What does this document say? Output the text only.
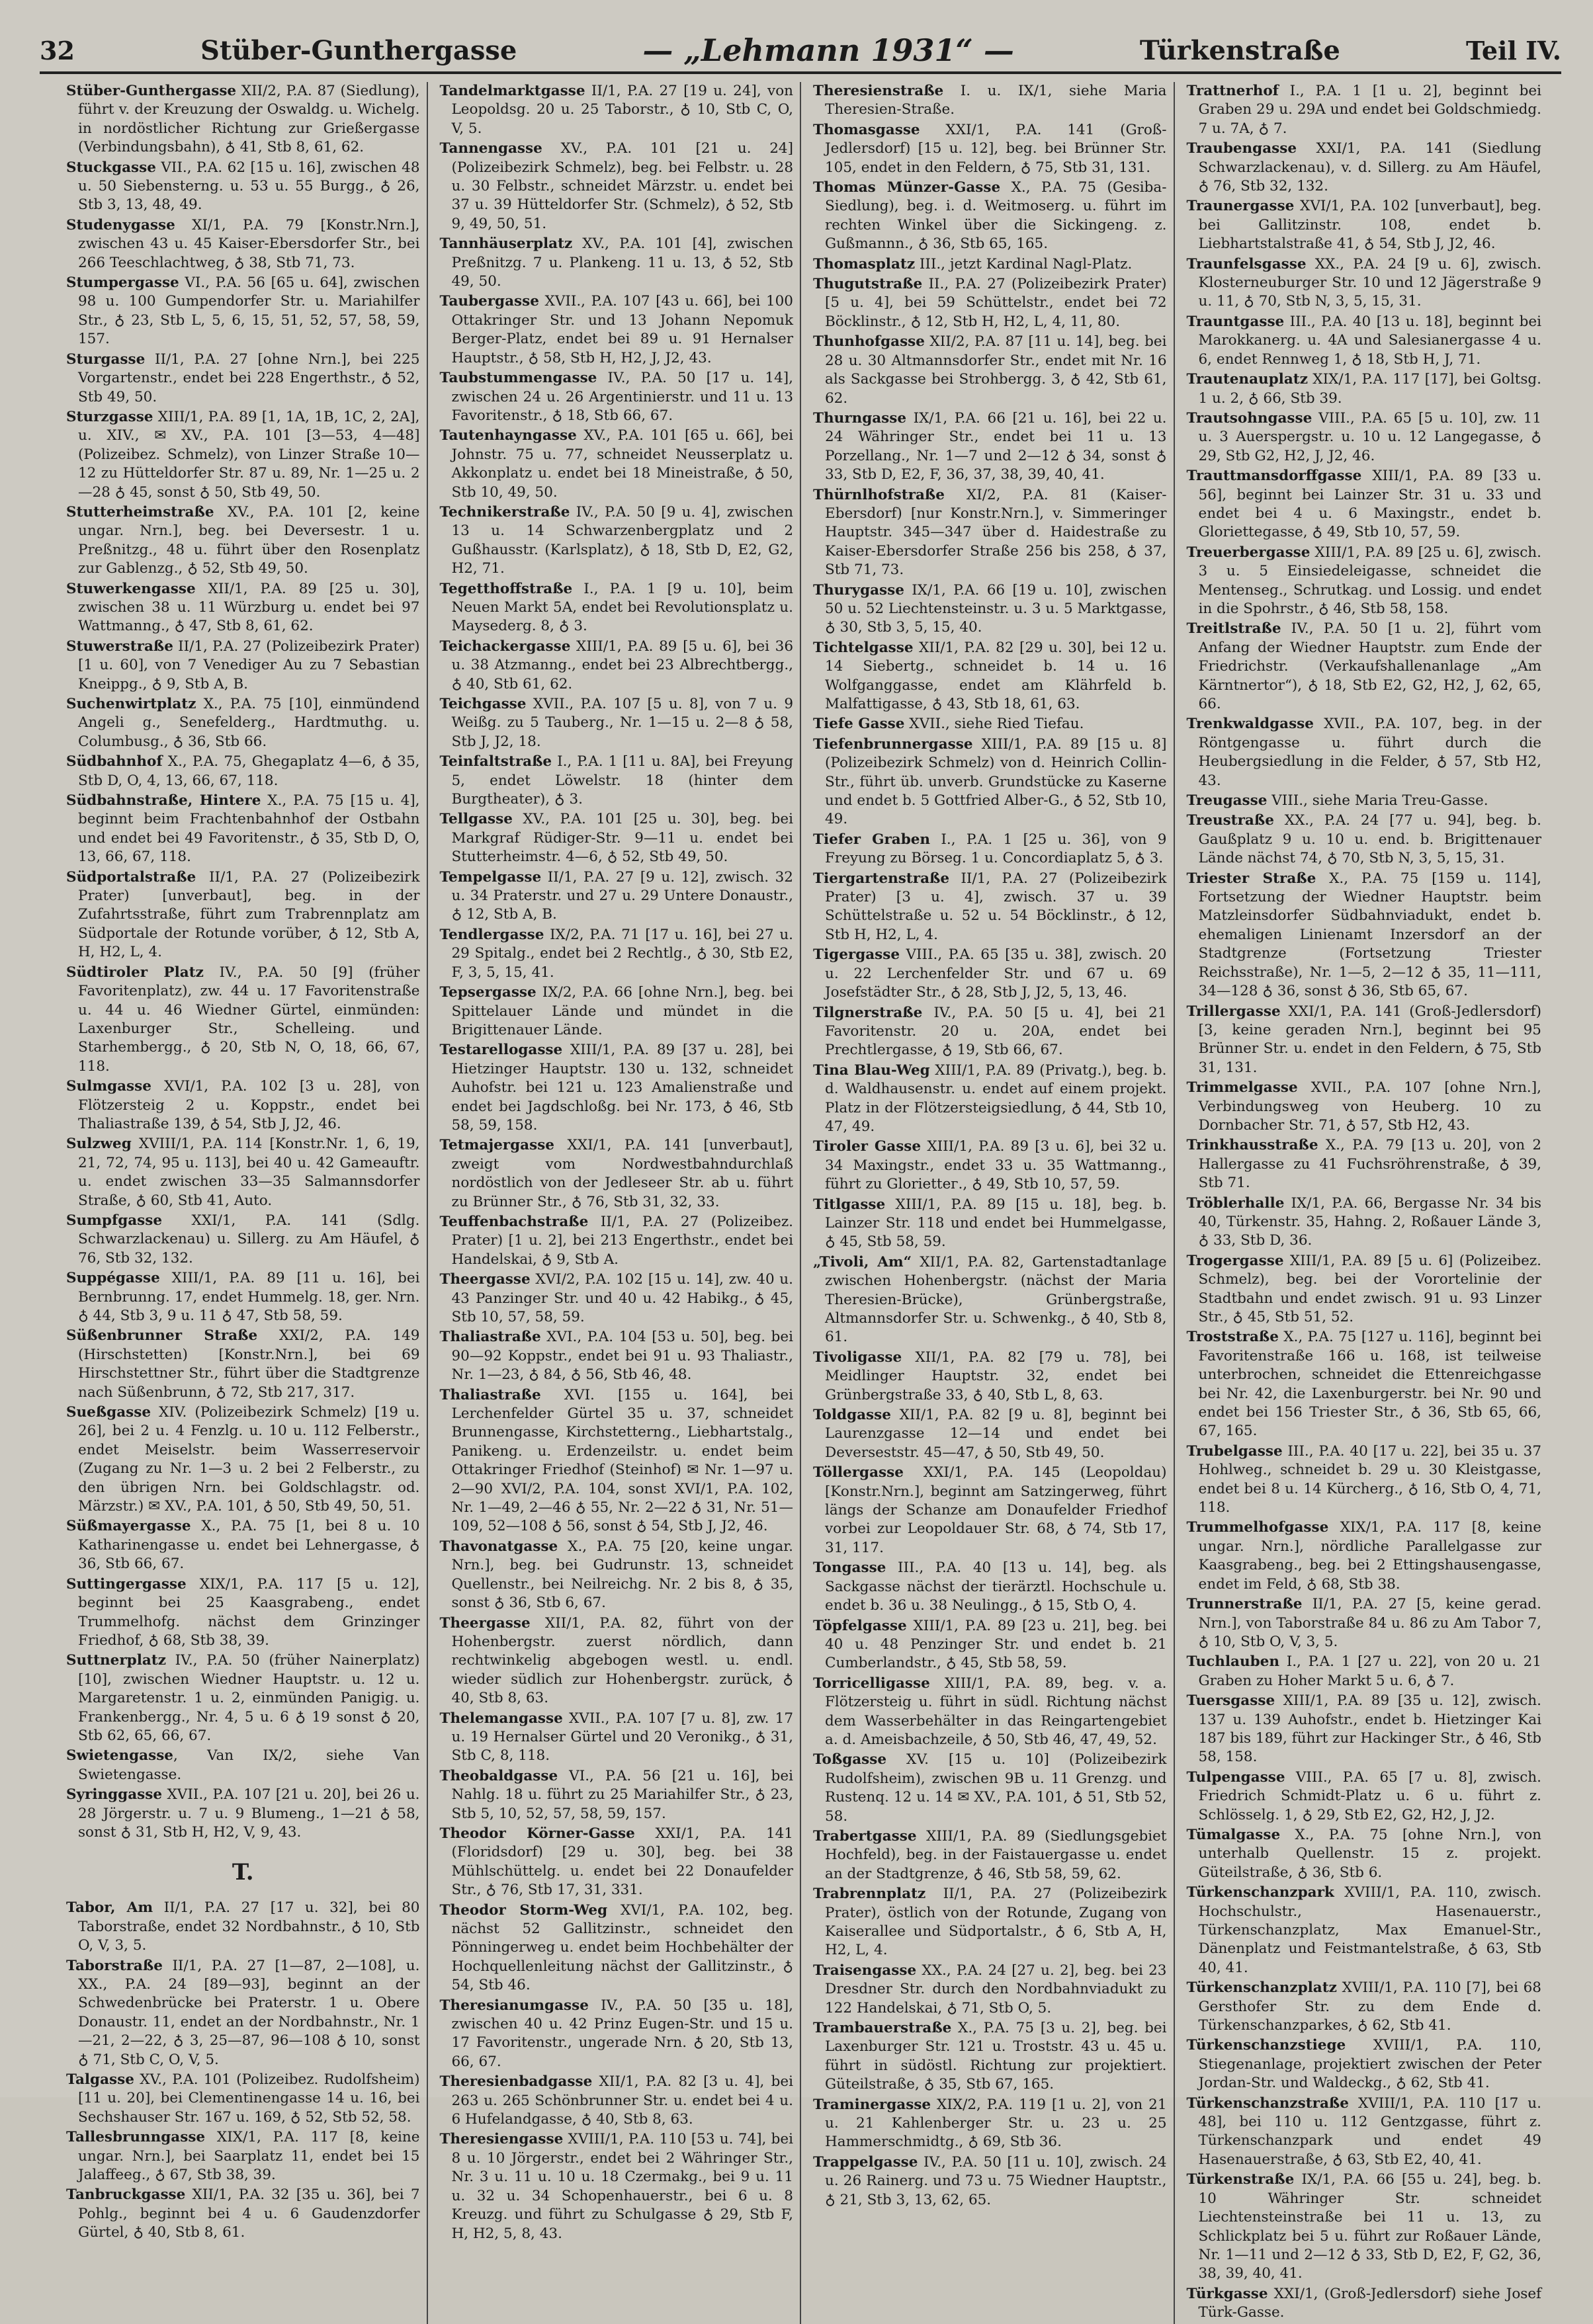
32	Stüber-Gunthergasse	— „Lehmann 1931“ —	Türkenstraße	Teil IV.

Stüber-Gunthergasse XII/2, P.A. 87 (Siedlung), führt v. der Kreuzung der Oswaldg. u. Wichelg. in nordöstlicher Richtung zur Grießergasse (Verbindungsbahn), ♁ 41, Stb 8, 61, 62.

Stuckgasse VII., P.A. 62 [15 u. 16], zwischen 48 u. 50 Siebensterng. u. 53 u. 55 Burgg., ♁ 26, Stb 3, 13, 48, 49.

Studenygasse XI/1, P.A. 79 [Konstr.Nrn.], zwischen 43 u. 45 Kaiser-Ebersdorfer Str., bei 266 Teeschlachtweg, ♁ 38, Stb 71, 73.

Stumpergasse VI., P.A. 56 [65 u. 64], zwischen 98 u. 100 Gumpendorfer Str. u. Mariahilfer Str., ♁ 23, Stb L, 5, 6, 15, 51, 52, 57, 58, 59, 157.

Sturgasse II/1, P.A. 27 [ohne Nrn.], bei 225 Vorgartenstr., endet bei 228 Engerthstr., ♁ 52, Stb 49, 50.

Sturzgasse XIII/1, P.A. 89 [1, 1A, 1B, 1C, 2, 2A], u. XIV., ✉ XV., P.A. 101 [3—53, 4—48] (Polizeibez. Schmelz), von Linzer Straße 10—12 zu Hütteldorfer Str. 87 u. 89, Nr. 1—25 u. 2—28 ♁ 45, sonst ♁ 50, Stb 49, 50.

Stutterheimstraße XV., P.A. 101 [2, keine ungar. Nrn.], beg. bei Deversestr. 1 u. Preßnitzg., 48 u. führt über den Rosenplatz zur Gablenzg., ♁ 52, Stb 49, 50.

Stuwerkengasse XII/1, P.A. 89 [25 u. 30], zwischen 38 u. 11 Würzburg u. endet bei 97 Wattmanng., ♁ 47, Stb 8, 61, 62.

Stuwerstraße II/1, P.A. 27 (Polizeibezirk Prater) [1 u. 60], von 7 Venediger Au zu 7 Sebastian Kneippg., ♁ 9, Stb A, B.

Suchenwirtplatz X., P.A. 75 [10], einmündend Angeli g., Senefelderg., Hardtmuthg. u. Columbusg., ♁ 36, Stb 66.

Südbahnhof X., P.A. 75, Ghegaplatz 4—6, ♁ 35, Stb D, O, 4, 13, 66, 67, 118.

Südbahnstraße, Hintere X., P.A. 75 [15 u. 4], beginnt beim Frachtenbahnhof der Ostbahn und endet bei 49 Favoritenstr., ♁ 35, Stb D, O, 13, 66, 67, 118.

Südportalstraße II/1, P.A. 27 (Polizeibezirk Prater) [unverbaut], beg. in der Zufahrtsstraße, führt zum Trabrennplatz am Südportale der Rotunde vorüber, ♁ 12, Stb A, H, H2, L, 4.

Südtiroler Platz IV., P.A. 50 [9] (früher Favoritenplatz), zw. 44 u. 17 Favoritenstraße u. 44 u. 46 Wiedner Gürtel, einmünden: Laxenburger Str., Schelleing. und Starhembergg., ♁ 20, Stb N, O, 18, 66, 67, 118.

Sulmgasse XVI/1, P.A. 102 [3 u. 28], von Flötzersteig 2 u. Koppstr., endet bei Thaliastraße 139, ♁ 54, Stb J, J2, 46.

Sulzweg XVIII/1, P.A. 114 [Konstr.Nr. 1, 6, 19, 21, 72, 74, 95 u. 113], bei 40 u. 42 Gameauftr. u. endet zwischen 33—35 Salmannsdorfer Straße, ♁ 60, Stb 41, Auto.

Sumpfgasse XXI/1, P.A. 141 (Sdlg. Schwarzlackenau) u. Sillerg. zu Am Häufel, ♁ 76, Stb 32, 132.

Suppégasse XIII/1, P.A. 89 [11 u. 16], bei Bernbrunng. 17, endet Hummelg. 18, ger. Nrn. ♁ 44, Stb 3, 9 u. 11 ♁ 47, Stb 58, 59.

Süßenbrunner Straße XXI/2, P.A. 149 (Hirschstetten) [Konstr.Nrn.], bei 69 Hirschstettner Str., führt über die Stadtgrenze nach Süßenbrunn, ♁ 72, Stb 217, 317.

Sueßgasse XIV. (Polizeibezirk Schmelz) [19 u. 26], bei 2 u. 4 Fenzlg. u. 10 u. 112 Felberstr., endet Meiselstr. beim Wasserreservoir (Zugang zu Nr. 1—3 u. 2 bei 2 Felberstr., zu den übrigen Nrn. bei Goldschlagstr. od. Märzstr.) ✉ XV., P.A. 101, ♁ 50, Stb 49, 50, 51.

Süßmayergasse X., P.A. 75 [1, bei 8 u. 10 Katharinengasse u. endet bei Lehnergasse, ♁ 36, Stb 66, 67.

Suttingergasse XIX/1, P.A. 117 [5 u. 12], beginnt bei 25 Kaasgrabeng., endet Trummelhofg. nächst dem Grinzinger Friedhof, ♁ 68, Stb 38, 39.

Suttnerplatz IV., P.A. 50 (früher Nainerplatz) [10], zwischen Wiedner Hauptstr. u. 12 u. Margaretenstr. 1 u. 2, einmünden Panigig. u. Frankenbergg., Nr. 4, 5 u. 6 ♁ 19 sonst ♁ 20, Stb 62, 65, 66, 67.

Swietengasse, Van IX/2, siehe Van Swietengasse.

Syringgasse XVII., P.A. 107 [21 u. 20], bei 26 u. 28 Jörgerstr. u. 7 u. 9 Blumeng., 1—21 ♁ 58, sonst ♁ 31, Stb H, H2, V, 9, 43.

T.

Tabor, Am II/1, P.A. 27 [17 u. 32], bei 80 Taborstraße, endet 32 Nordbahnstr., ♁ 10, Stb O, V, 3, 5.

Taborstraße II/1, P.A. 27 [1—87, 2—108], u. XX., P.A. 24 [89—93], beginnt an der Schwedenbrücke bei Praterstr. 1 u. Obere Donaustr. 11, endet an der Nordbahnstr., Nr. 1—21, 2—22, ♁ 3, 25—87, 96—108 ♁ 10, sonst ♁ 71, Stb C, O, V, 5.

Talgasse XV., P.A. 101 (Polizeibez. Rudolfsheim) [11 u. 20], bei Clementinengasse 14 u. 16, bei Sechshauser Str. 167 u. 169, ♁ 52, Stb 52, 58.

Tallesbrunngasse XIX/1, P.A. 117 [8, keine ungar. Nrn.], bei Saarplatz 11, endet bei 15 Jalaffeeg., ♁ 67, Stb 38, 39.

Tanbruckgasse XII/1, P.A. 32 [35 u. 36], bei 7 Pohlg., beginnt bei 4 u. 6 Gaudenzdorfer Gürtel, ♁ 40, Stb 8, 61.

Tandelmarktgasse II/1, P.A. 27 [19 u. 24], von Leopoldsg. 20 u. 25 Taborstr., ♁ 10, Stb C, O, V, 5.

Tannengasse XV., P.A. 101 [21 u. 24] (Polizeibezirk Schmelz), beg. bei Felbstr. u. 28 u. 30 Felbstr., schneidet Märzstr. u. endet bei 37 u. 39 Hütteldorfer Str. (Schmelz), ♁ 52, Stb 9, 49, 50, 51.

Tannhäuserplatz XV., P.A. 101 [4], zwischen Preßnitzg. 7 u. Plankeng. 11 u. 13, ♁ 52, Stb 49, 50.

Taubergasse XVII., P.A. 107 [43 u. 66], bei 100 Ottakringer Str. und 13 Johann Nepomuk Berger-Platz, endet bei 89 u. 91 Hernalser Hauptstr., ♁ 58, Stb H, H2, J, J2, 43.

Taubstummengasse IV., P.A. 50 [17 u. 14], zwischen 24 u. 26 Argentinierstr. und 11 u. 13 Favoritenstr., ♁ 18, Stb 66, 67.

Tautenhayngasse XV., P.A. 101 [65 u. 66], bei Johnstr. 75 u. 77, schneidet Neusserplatz u. Akkonplatz u. endet bei 18 Mineistraße, ♁ 50, Stb 10, 49, 50.

Technikerstraße IV., P.A. 50 [9 u. 4], zwischen 13 u. 14 Schwarzenbergplatz und 2 Gußhausstr. (Karlsplatz), ♁ 18, Stb D, E2, G2, H2, 71.

Tegetthoffstraße I., P.A. 1 [9 u. 10], beim Neuen Markt 5A, endet bei Revolutionsplatz u. Maysederg. 8, ♁ 3.

Teichackergasse XIII/1, P.A. 89 [5 u. 6], bei 36 u. 38 Atzmanng., endet bei 23 Albrechtbergg., ♁ 40, Stb 61, 62.

Teichgasse XVII., P.A. 107 [5 u. 8], von 7 u. 9 Weißg. zu 5 Tauberg., Nr. 1—15 u. 2—8 ♁ 58, Stb J, J2, 18.

Teinfaltstraße I., P.A. 1 [11 u. 8A], bei Freyung 5, endet Löwelstr. 18 (hinter dem Burgtheater), ♁ 3.

Tellgasse XV., P.A. 101 [25 u. 30], beg. bei Markgraf Rüdiger-Str. 9—11 u. endet bei Stutterheimstr. 4—6, ♁ 52, Stb 49, 50.

Tempelgasse II/1, P.A. 27 [9 u. 12], zwisch. 32 u. 34 Praterstr. und 27 u. 29 Untere Donaustr., ♁ 12, Stb A, B.

Tendlergasse IX/2, P.A. 71 [17 u. 16], bei 27 u. 29 Spitalg., endet bei 2 Rechtlg., ♁ 30, Stb E2, F, 3, 5, 15, 41.

Tepsergasse IX/2, P.A. 66 [ohne Nrn.], beg. bei Spittelauer Lände und mündet in die Brigittenauer Lände.

Testarellogasse XIII/1, P.A. 89 [37 u. 28], bei Hietzinger Hauptstr. 130 u. 132, schneidet Auhofstr. bei 121 u. 123 Amalienstraße und endet bei Jagdschloßg. bei Nr. 173, ♁ 46, Stb 58, 59, 158.

Tetmajergasse XXI/1, P.A. 141 [unverbaut], zweigt vom Nordwestbahndurchlaß nordöstlich von der Jedleseer Str. ab u. führt zu Brünner Str., ♁ 76, Stb 31, 32, 33.

Teuffenbachstraße II/1, P.A. 27 (Polizeibez. Prater) [1 u. 2], bei 213 Engerthstr., endet bei Handelskai, ♁ 9, Stb A.

Theergasse XVI/2, P.A. 102 [15 u. 14], zw. 40 u. 43 Panzinger Str. und 40 u. 42 Habikg., ♁ 45, Stb 10, 57, 58, 59.

Thaliastraße XVI., P.A. 104 [53 u. 50], beg. bei 90—92 Koppstr., endet bei 91 u. 93 Thaliastr., Nr. 1—23, ♁ 84, ♁ 56, Stb 46, 48.

Thaliastraße XVI. [155 u. 164], bei Lerchenfelder Gürtel 35 u. 37, schneidet Brunnengasse, Kirchstetterng., Liebhartstalg., Panikeng. u. Erdenzeilstr. u. endet beim Ottakringer Friedhof (Steinhof) ✉ Nr. 1—97 u. 2—90 XVI/2, P.A. 104, sonst XVI/1, P.A. 102, Nr. 1—49, 2—46 ♁ 55, Nr. 2—22 ♁ 31, Nr. 51—109, 52—108 ♁ 56, sonst ♁ 54, Stb J, J2, 46.

Thavonatgasse X., P.A. 75 [20, keine ungar. Nrn.], beg. bei Gudrunstr. 13, schneidet Quellenstr., bei Neilreichg. Nr. 2 bis 8, ♁ 35, sonst ♁ 36, Stb 6, 67.

Theergasse XII/1, P.A. 82, führt von der Hohenbergstr. zuerst nördlich, dann rechtwinkelig abgebogen westl. u. endl. wieder südlich zur Hohenbergstr. zurück, ♁ 40, Stb 8, 63.

Thelemangasse XVII., P.A. 107 [7 u. 8], zw. 17 u. 19 Hernalser Gürtel und 20 Veronikg., ♁ 31, Stb C, 8, 118.

Theobaldgasse VI., P.A. 56 [21 u. 16], bei Nahlg. 18 u. führt zu 25 Mariahilfer Str., ♁ 23, Stb 5, 10, 52, 57, 58, 59, 157.

Theodor Körner-Gasse XXI/1, P.A. 141 (Floridsdorf) [29 u. 30], beg. bei 38 Mühlschüttelg. u. endet bei 22 Donaufelder Str., ♁ 76, Stb 17, 31, 331.

Theodor Storm-Weg XVI/1, P.A. 102, beg. nächst 52 Gallitzinstr., schneidet den Pönningerweg u. endet beim Hochbehälter der Hochquellenleitung nächst der Gallitzinstr., ♁ 54, Stb 46.

Theresianumgasse IV., P.A. 50 [35 u. 18], zwischen 40 u. 42 Prinz Eugen-Str. und 15 u. 17 Favoritenstr., ungerade Nrn. ♁ 20, Stb 13, 66, 67.

Theresienbadgasse XII/1, P.A. 82 [3 u. 4], bei 263 u. 265 Schönbrunner Str. u. endet bei 4 u. 6 Hufelandgasse, ♁ 40, Stb 8, 63.

Theresiengasse XVIII/1, P.A. 110 [53 u. 74], bei 8 u. 10 Jörgerstr., endet bei 2 Währinger Str., Nr. 3 u. 11 u. 10 u. 18 Czermakg., bei 9 u. 11 u. 32 u. 34 Schopenhauerstr., bei 6 u. 8 Kreuzg. und führt zu Schulgasse ♁ 29, Stb F, H, H2, 5, 8, 43.

Theresienstraße I. u. IX/1, siehe Maria Theresien-Straße.

Thomasgasse XXI/1, P.A. 141 (Groß-Jedlersdorf) [15 u. 12], beg. bei Brünner Str. 105, endet in den Feldern, ♁ 75, Stb 31, 131.

Thomas Münzer-Gasse X., P.A. 75 (Gesiba-Siedlung), beg. i. d. Weitmoserg. u. führt im rechten Winkel über die Sickingeng. z. Gußmannn., ♁ 36, Stb 65, 165.

Thomasplatz III., jetzt Kardinal Nagl-Platz.

Thugutstraße II., P.A. 27 (Polizeibezirk Prater) [5 u. 4], bei 59 Schüttelstr., endet bei 72 Böcklinstr., ♁ 12, Stb H, H2, L, 4, 11, 80.

Thunhofgasse XII/2, P.A. 87 [11 u. 14], beg. bei 28 u. 30 Altmannsdorfer Str., endet mit Nr. 16 als Sackgasse bei Strohbergg. 3, ♁ 42, Stb 61, 62.

Thurngasse IX/1, P.A. 66 [21 u. 16], bei 22 u. 24 Währinger Str., endet bei 11 u. 13 Porzellang., Nr. 1—7 und 2—12 ♁ 34, sonst ♁ 33, Stb D, E2, F, 36, 37, 38, 39, 40, 41.

Thürnlhofstraße XI/2, P.A. 81 (Kaiser-Ebersdorf) [nur Konstr.Nrn.], v. Simmeringer Hauptstr. 345—347 über d. Haidestraße zu Kaiser-Ebersdorfer Straße 256 bis 258, ♁ 37, Stb 71, 73.

Thurygasse IX/1, P.A. 66 [19 u. 10], zwischen 50 u. 52 Liechtensteinstr. u. 3 u. 5 Marktgasse, ♁ 30, Stb 3, 5, 15, 40.

Tichtelgasse XII/1, P.A. 82 [29 u. 30], bei 12 u. 14 Siebertg., schneidet b. 14 u. 16 Wolfganggasse, endet am Klährfeld b. Malfattigasse, ♁ 43, Stb 18, 61, 63.

Tiefe Gasse XVII., siehe Ried Tiefau.

Tiefenbrunnergasse XIII/1, P.A. 89 [15 u. 8] (Polizeibezirk Schmelz) von d. Heinrich Collin-Str., führt üb. unverb. Grundstücke zu Kaserne und endet b. 5 Gottfried Alber-G., ♁ 52, Stb 10, 49.

Tiefer Graben I., P.A. 1 [25 u. 36], von 9 Freyung zu Börseg. 1 u. Concordiaplatz 5, ♁ 3.

Tiergartenstraße II/1, P.A. 27 (Polizeibezirk Prater) [3 u. 4], zwisch. 37 u. 39 Schüttelstraße u. 52 u. 54 Böcklinstr., ♁ 12, Stb H, H2, L, 4.

Tigergasse VIII., P.A. 65 [35 u. 38], zwisch. 20 u. 22 Lerchenfelder Str. und 67 u. 69 Josefstädter Str., ♁ 28, Stb J, J2, 5, 13, 46.

Tilgnerstraße IV., P.A. 50 [5 u. 4], bei 21 Favoritenstr. 20 u. 20A, endet bei Prechtlergasse, ♁ 19, Stb 66, 67.

Tina Blau-Weg XIII/1, P.A. 89 (Privatg.), beg. b. d. Waldhausenstr. u. endet auf einem projekt. Platz in der Flötzersteigsiedlung, ♁ 44, Stb 10, 47, 49.

Tiroler Gasse XIII/1, P.A. 89 [3 u. 6], bei 32 u. 34 Maxingstr., endet 33 u. 35 Wattmanng., führt zu Gloriettег., ♁ 49, Stb 10, 57, 59.

Titlgasse XIII/1, P.A. 89 [15 u. 18], beg. b. Lainzer Str. 118 und endet bei Hummelgasse, ♁ 45, Stb 58, 59.

„Tivoli, Am“ XII/1, P.A. 82, Gartenstadtanlage zwischen Hohenbergstr. (nächst der Maria Theresien-Brücke), Grünbergstraße, Altmannsdorfer Str. u. Schwenkg., ♁ 40, Stb 8, 61.

Tivoligasse XII/1, P.A. 82 [79 u. 78], bei Meidlinger Hauptstr. 32, endet bei Grünbergstraße 33, ♁ 40, Stb L, 8, 63.

Toldgasse XII/1, P.A. 82 [9 u. 8], beginnt bei Laurenzgasse 12—14 und endet bei Deverseststr. 45—47, ♁ 50, Stb 49, 50.

Töllergasse XXI/1, P.A. 145 (Leopoldau) [Konstr.Nrn.], beginnt am Satzingerweg, führt längs der Schanze am Donaufelder Friedhof vorbei zur Leopoldauer Str. 68, ♁ 74, Stb 17, 31, 117.

Tongasse III., P.A. 40 [13 u. 14], beg. als Sackgasse nächst der tierärztl. Hochschule u. endet b. 36 u. 38 Neulingg., ♁ 15, Stb O, 4.

Töpfelgasse XIII/1, P.A. 89 [23 u. 21], beg. bei 40 u. 48 Penzinger Str. und endet b. 21 Cumberlandstr., ♁ 45, Stb 58, 59.

Torricelligasse XIII/1, P.A. 89, beg. v. a. Flötzersteig u. führt in südl. Richtung nächst dem Wasserbehälter in das Reingartengebiet a. d. Ameisbachzeile, ♁ 50, Stb 46, 47, 49, 52.

Toßgasse XV. [15 u. 10] (Polizeibezirk Rudolfsheim), zwischen 9B u. 11 Grenzg. und Rustenq. 12 u. 14 ✉ XV., P.A. 101, ♁ 51, Stb 52, 58.

Trabertgasse XIII/1, P.A. 89 (Siedlungsgebiet Hochfeld), beg. in der Faistauergasse u. endet an der Stadtgrenze, ♁ 46, Stb 58, 59, 62.

Trabrennplatz II/1, P.A. 27 (Polizeibezirk Prater), östlich von der Rotunde, Zugang von Kaiserallee und Südportalstr., ♁ 6, Stb A, H, H2, L, 4.

Traisengasse XX., P.A. 24 [27 u. 2], beg. bei 23 Dresdner Str. durch den Nordbahnviadukt zu 122 Handelskai, ♁ 71, Stb O, 5.

Trambauerstraße X., P.A. 75 [3 u. 2], beg. bei Laxenburger Str. 121 u. Troststr. 43 u. 45 u. führt in südöstl. Richtung zur projektiert. Güteilstraße, ♁ 35, Stb 67, 165.

Traminergasse XIX/2, P.A. 119 [1 u. 2], von 21 u. 21 Kahlenberger Str. u. 23 u. 25 Hammerschmidtg., ♁ 69, Stb 36.

Trappelgasse IV., P.A. 50 [11 u. 10], zwisch. 24 u. 26 Rainerg. und 73 u. 75 Wiedner Hauptstr., ♁ 21, Stb 3, 13, 62, 65.

Trattnerhof I., P.A. 1 [1 u. 2], beginnt bei Graben 29 u. 29A und endet bei Goldschmiedg. 7 u. 7A, ♁ 7.

Traubengasse XXI/1, P.A. 141 (Siedlung Schwarzlackenau), v. d. Sillerg. zu Am Häufel, ♁ 76, Stb 32, 132.

Traunergasse XVI/1, P.A. 102 [unverbaut], beg. bei Gallitzinstr. 108, endet b. Liebhartstalstraße 41, ♁ 54, Stb J, J2, 46.

Traunfelsgasse XX., P.A. 24 [9 u. 6], zwisch. Klosterneuburger Str. 10 und 12 Jägerstraße 9 u. 11, ♁ 70, Stb N, 3, 5, 15, 31.

Trauntgasse III., P.A. 40 [13 u. 18], beginnt bei Marokkanerg. u. 4A und Salesianergasse 4 u. 6, endet Rennweg 1, ♁ 18, Stb H, J, 71.

Trautenauplatz XIX/1, P.A. 117 [17], bei Goltsg. 1 u. 2, ♁ 66, Stb 39.

Trautsohngasse VIII., P.A. 65 [5 u. 10], zw. 11 u. 3 Auerspergstr. u. 10 u. 12 Langegasse, ♁ 29, Stb G2, H2, J, J2, 46.

Trauttmansdorffgasse XIII/1, P.A. 89 [33 u. 56], beginnt bei Lainzer Str. 31 u. 33 und endet bei 4 u. 6 Maxingstr., endet b. Gloriettegasse, ♁ 49, Stb 10, 57, 59.

Treuerbergasse XIII/1, P.A. 89 [25 u. 6], zwisch. 3 u. 5 Einsiedeleigasse, schneidet die Mentenseg., Schrutkag. und Lossig. und endet in die Spohrstr., ♁ 46, Stb 58, 158.

Treitlstraße IV., P.A. 50 [1 u. 2], führt vom Anfang der Wiedner Hauptstr. zum Ende der Friedrichstr. (Verkaufshallenanlage „Am Kärntnertor“), ♁ 18, Stb E2, G2, H2, J, 62, 65, 66.

Trenkwaldgasse XVII., P.A. 107, beg. in der Röntgengasse u. führt durch die Heubergsiedlung in die Felder, ♁ 57, Stb H2, 43.

Treugasse VIII., siehe Maria Treu-Gasse.

Treustraße XX., P.A. 24 [77 u. 94], beg. b. Gaußplatz 9 u. 10 u. end. b. Brigittenauer Lände nächst 74, ♁ 70, Stb N, 3, 5, 15, 31.

Triester Straße X., P.A. 75 [159 u. 114], Fortsetzung der Wiedner Hauptstr. beim Matzleinsdorfer Südbahnviadukt, endet b. ehemaligen Linienamt Inzersdorf an der Stadtgrenze (Fortsetzung Triester Reichsstraße), Nr. 1—5, 2—12 ♁ 35, 11—111, 34—128 ♁ 36, sonst ♁ 36, Stb 65, 67.

Trillergasse XXI/1, P.A. 141 (Groß-Jedlersdorf) [3, keine geraden Nrn.], beginnt bei 95 Brünner Str. u. endet in den Feldern, ♁ 75, Stb 31, 131.

Trimmelgasse XVII., P.A. 107 [ohne Nrn.], Verbindungsweg von Heuberg. 10 zu Dornbacher Str. 71, ♁ 57, Stb H2, 43.

Trinkhausstraße X., P.A. 79 [13 u. 20], von 2 Hallergasse zu 41 Fuchsröhrenstraße, ♁ 39, Stb 71.

Tröblerhalle IX/1, P.A. 66, Bergasse Nr. 34 bis 40, Türkenstr. 35, Hahng. 2, Roßauer Lände 3, ♁ 33, Stb D, 36.

Trogergasse XIII/1, P.A. 89 [5 u. 6] (Polizeibez. Schmelz), beg. bei der Vorortelinie der Stadtbahn und endet zwisch. 91 u. 93 Linzer Str., ♁ 45, Stb 51, 52.

Troststraße X., P.A. 75 [127 u. 116], beginnt bei Favoritenstraße 166 u. 168, ist teilweise unterbrochen, schneidet die Ettenreichgasse bei Nr. 42, die Laxenburgerstr. bei Nr. 90 und endet bei 156 Triester Str., ♁ 36, Stb 65, 66, 67, 165.

Trubelgasse III., P.A. 40 [17 u. 22], bei 35 u. 37 Hohlweg., schneidet b. 29 u. 30 Kleistgasse, endet bei 8 u. 14 Kürcherg., ♁ 16, Stb O, 4, 71, 118.

Trummelhofgasse XIX/1, P.A. 117 [8, keine ungar. Nrn.], nördliche Parallelgasse zur Kaasgrabeng., beg. bei 2 Ettingshausengasse, endet im Feld, ♁ 68, Stb 38.

Trunnerstraße II/1, P.A. 27 [5, keine gerad. Nrn.], von Taborstraße 84 u. 86 zu Am Tabor 7, ♁ 10, Stb O, V, 3, 5.

Tuchlauben I., P.A. 1 [27 u. 22], von 20 u. 21 Graben zu Hoher Markt 5 u. 6, ♁ 7.

Tuersgasse XIII/1, P.A. 89 [35 u. 12], zwisch. 137 u. 139 Auhofstr., endet b. Hietzinger Kai 187 bis 189, führt zur Hackinger Str., ♁ 46, Stb 58, 158.

Tulpengasse VIII., P.A. 65 [7 u. 8], zwisch. Friedrich Schmidt-Platz u. 6 u. führt z. Schlösselg. 1, ♁ 29, Stb E2, G2, H2, J, J2.

Tümalgasse X., P.A. 75 [ohne Nrn.], von unterhalb Quellenstr. 15 z. projekt. Güteilstraße, ♁ 36, Stb 6.

Türkenschanzpark XVIII/1, P.A. 110, zwisch. Hochschulstr., Hasenauerstr., Türkenschanzplatz, Max Emanuel-Str., Dänenplatz und Feistmantelstraße, ♁ 63, Stb 40, 41.

Türkenschanzplatz XVIII/1, P.A. 110 [7], bei 68 Gersthofer Str. zu dem Ende d. Türkenschanzparkes, ♁ 62, Stb 41.

Türkenschanzstiege XVIII/1, P.A. 110, Stiegenanlage, projektiert zwischen der Peter Jordan-Str. und Waldeckg., ♁ 62, Stb 41.

Türkenschanzstraße XVIII/1, P.A. 110 [17 u. 48], bei 110 u. 112 Gentzgasse, führt z. Türkenschanzpark und endet 49 Hasenauerstraße, ♁ 63, Stb E2, 40, 41.

Türkenstraße IX/1, P.A. 66 [55 u. 24], beg. b. 10 Währinger Str. schneidet Liechtensteinstraße bei 11 u. 13, zu Schlickplatz bei 5 u. führt zur Roßauer Lände, Nr. 1—11 und 2—12 ♁ 33, Stb D, E2, F, G2, 36, 38, 39, 40, 41.

Türkgasse XXI/1, (Groß-Jedlersdorf) siehe Josef Türk-Gasse.
